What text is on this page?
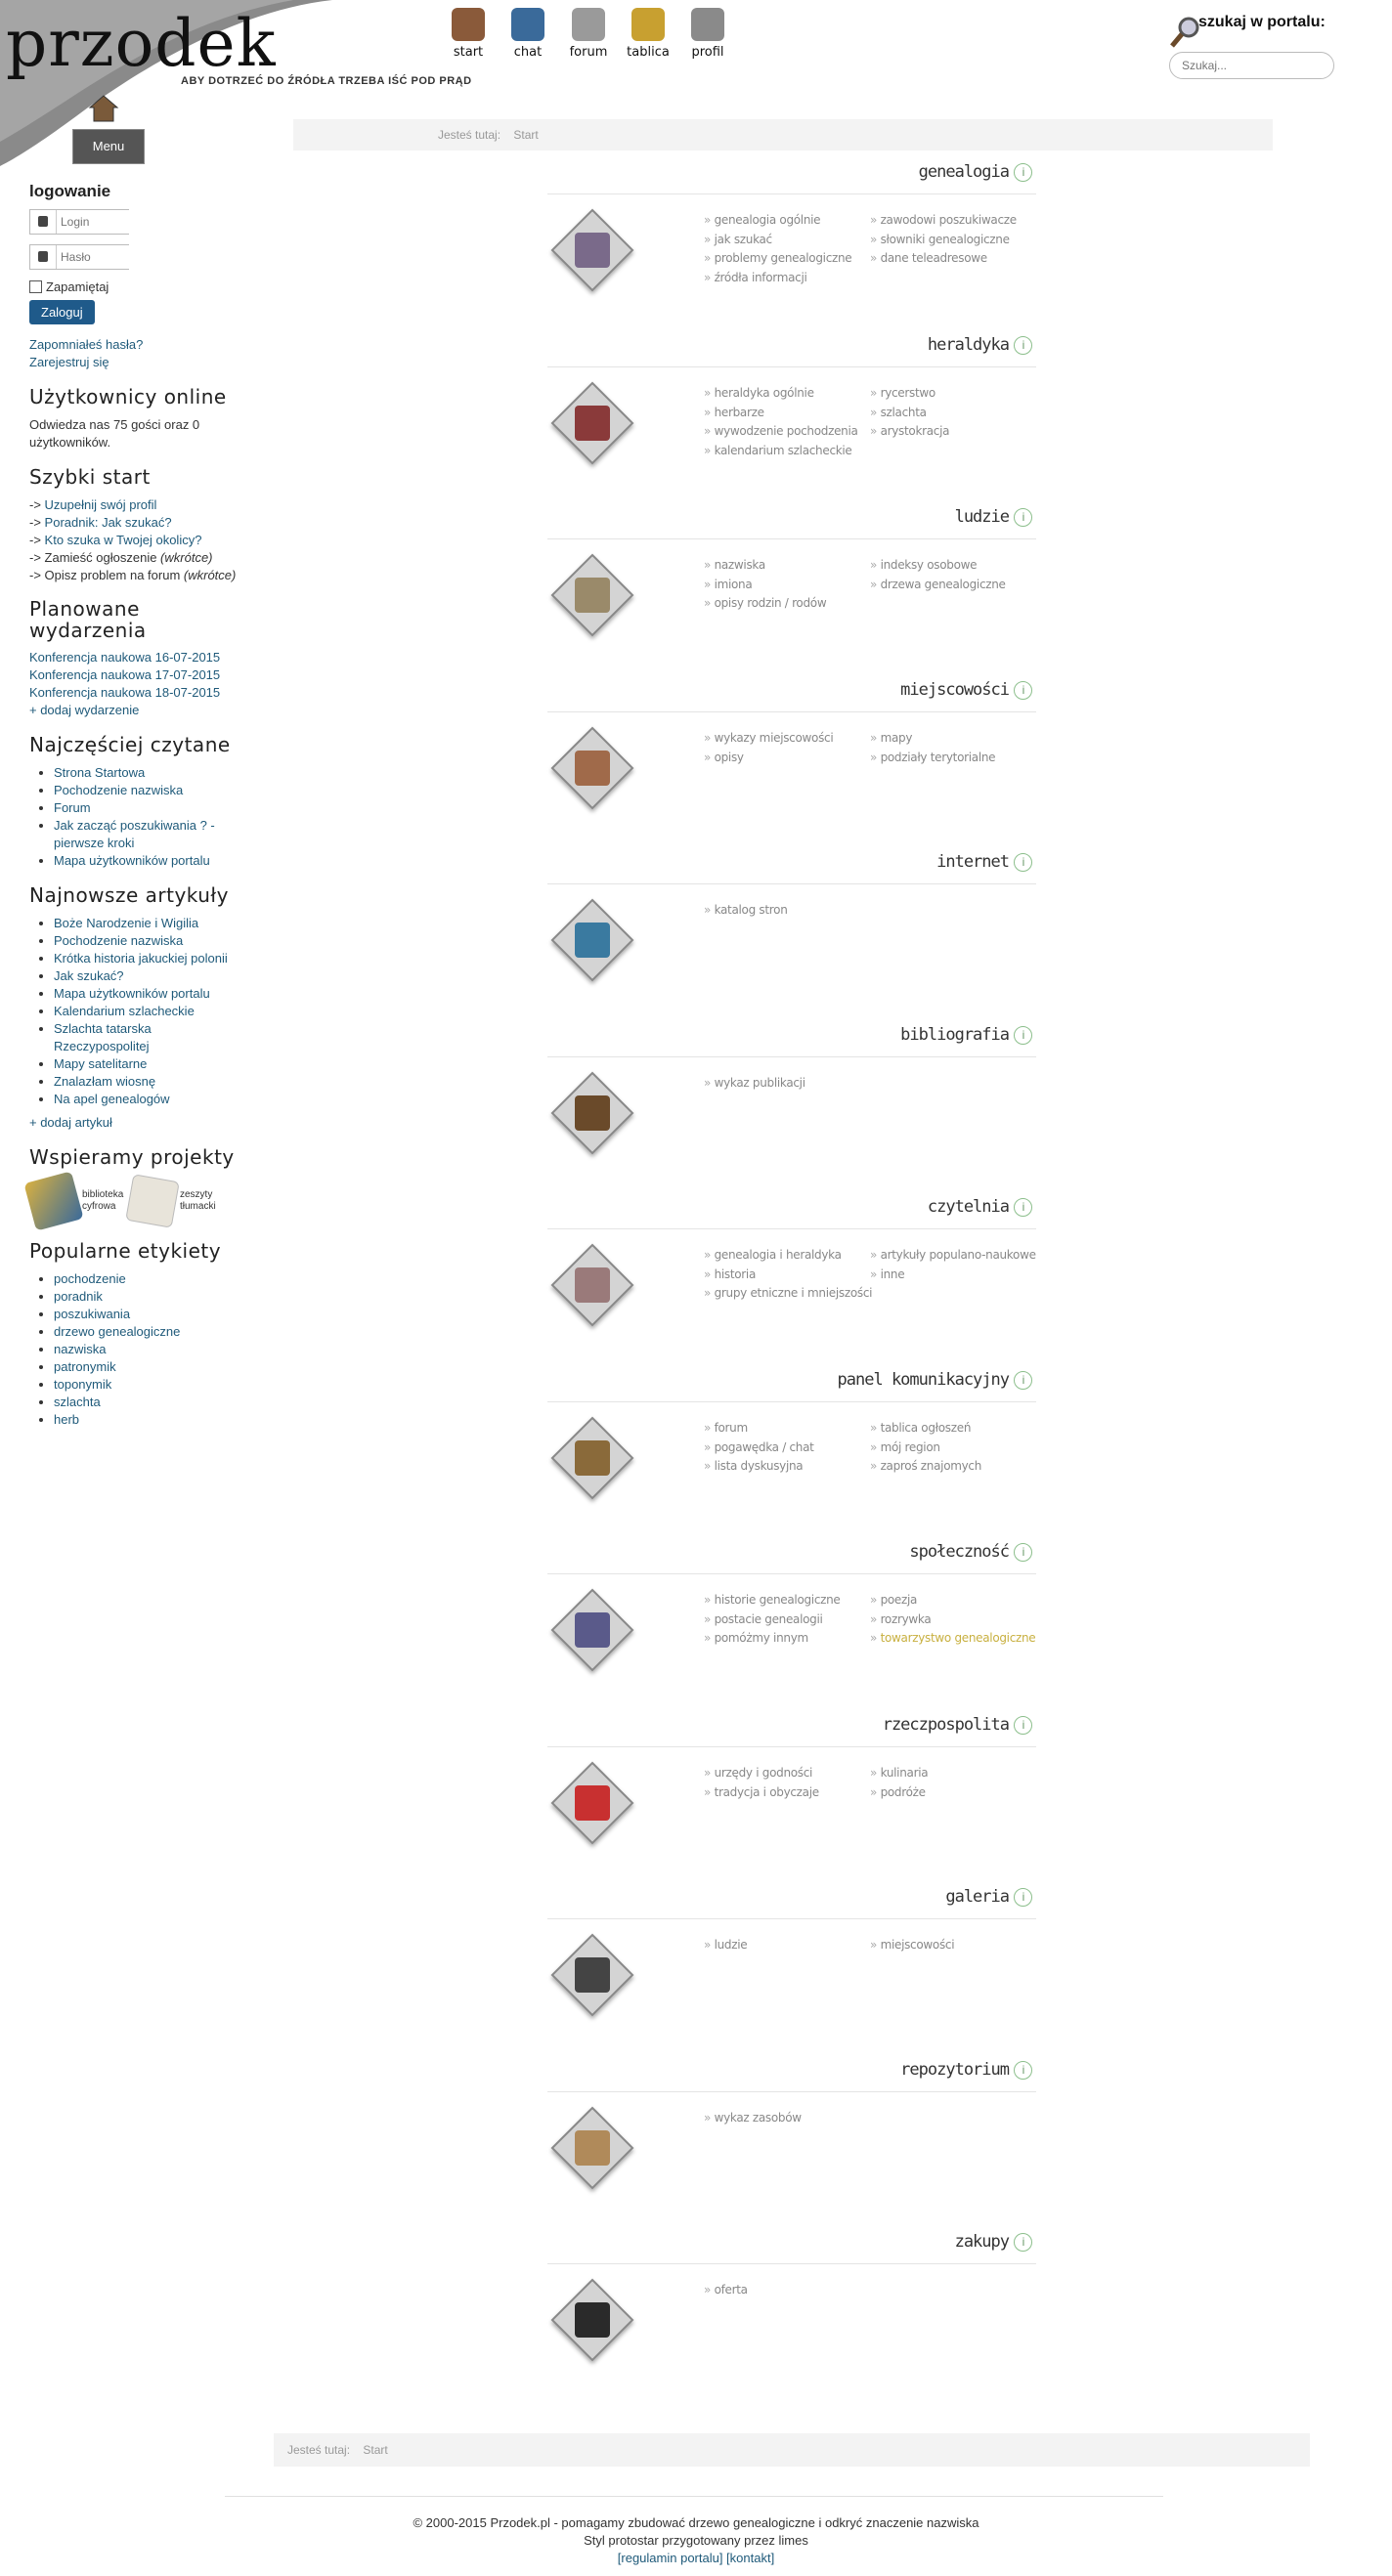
przodek
ABY DOTRZEĆ DO ŹRÓDŁA TRZEBA IŚĆ POD PRĄD
Menu
start	chat	forum	tablica	profil
szukaj w portalu:
Szukaj...
Jesteś tutaj: Start
logowanie
Login
Hasło
Zapamiętaj
Zaloguj
Zapomniałeś hasła?
Zarejestruj się
Użytkownicy online
Odwiedza nas 75 gości oraz 0 użytkowników.
Szybki start
-> Uzupełnij swój profil
-> Poradnik: Jak szukać?
-> Kto szuka w Twojej okolicy?
-> Zamieść ogłoszenie (wkrótce)
-> Opisz problem na forum (wkrótce)
Planowane wydarzenia
Konferencja naukowa 16-07-2015
Konferencja naukowa 17-07-2015
Konferencja naukowa 18-07-2015
+ dodaj wydarzenie
Najczęściej czytane
• Strona Startowa
• Pochodzenie nazwiska
• Forum
• Jak zacząć poszukiwania ? - pierwsze kroki
• Mapa użytkowników portalu
Najnowsze artykuły
• Boże Narodzenie i Wigilia
• Pochodzenie nazwiska
• Krótka historia jakuckiej polonii
• Jak szukać?
• Mapa użytkowników portalu
• Kalendarium szlacheckie
• Szlachta tatarska Rzeczypospolitej
• Mapy satelitarne
• Znalazłam wiosnę
• Na apel genealogów
+ dodaj artykuł
Wspieramy projekty
biblioteka cyfrowa
zeszyty tłumacki
Popularne etykiety
• pochodzenie
• poradnik
• poszukiwania
• drzewo genealogiczne
• nazwiska
• patronymik
• toponymik
• szlachta
• herb
genealogia	i
» genealogia ogólnie
» jak szukać
» problemy genealogiczne
» źródła informacji
» zawodowi poszukiwacze
» słowniki genealogiczne
» dane teleadresowe
heraldyka	i
» heraldyka ogólnie
» herbarze
» wywodzenie pochodzenia
» kalendarium szlacheckie
» rycerstwo
» szlachta
» arystokracja
ludzie	i
» nazwiska
» imiona
» opisy rodzin / rodów
» indeksy osobowe
» drzewa genealogiczne
miejscowości	i
» wykazy miejscowości
» opisy
» mapy
» podziały terytorialne
internet	i
» katalog stron
bibliografia	i
» wykaz publikacji
czytelnia	i
» genealogia i heraldyka
» historia
» grupy etniczne i mniejszości
» artykuły populano-naukowe
» inne
panel komunikacyjny	i
» forum
» pogawędka / chat
» lista dyskusyjna
» tablica ogłoszeń
» mój region
» zaproś znajomych
społeczność	i
» historie genealogiczne
» postacie genealogii
» pomóżmy innym
» poezja
» rozrywka
» towarzystwo genealogiczne
rzeczpospolita	i
» urzędy i godności
» tradycja i obyczaje
» kulinaria
» podróże
galeria	i
» ludzie
»	miejscowości
repozytorium	i
» wykaz zasobów
zakupy	i
» oferta
Jesteś tutaj: Start
© 2000-2015 Przodek.pl - pomagamy zbudować drzewo genealogiczne i odkryć znaczenie nazwiska
Styl protostar przygotowany przez limes
[regulamin portalu] [kontakt]
